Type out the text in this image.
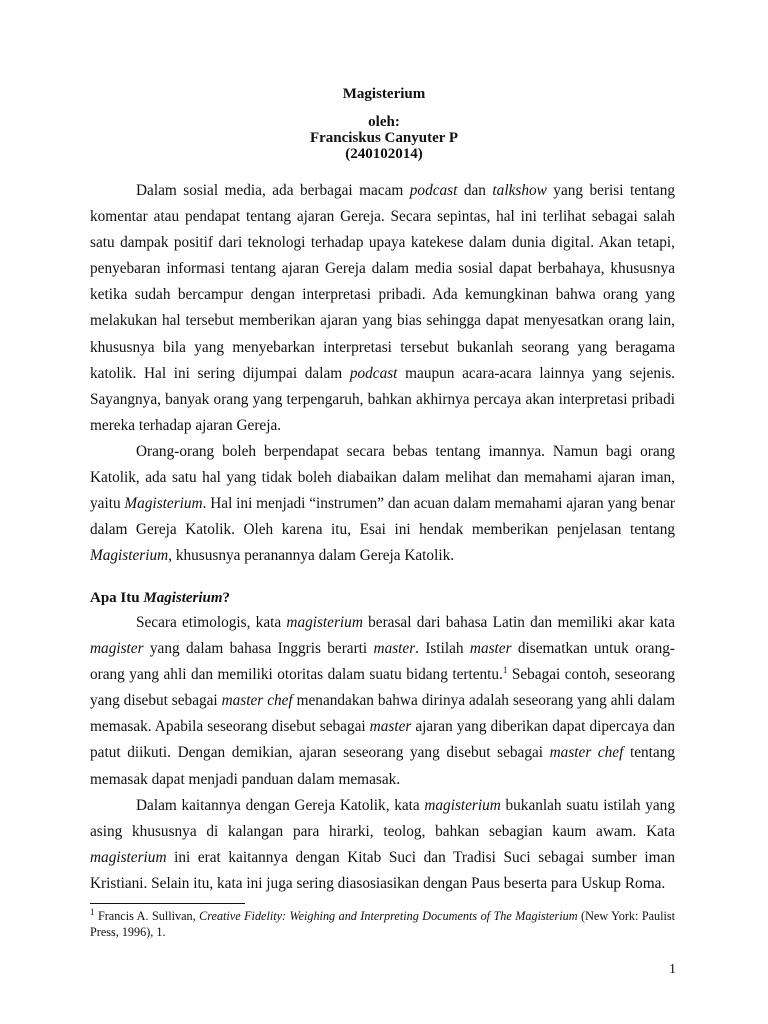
Magisterium
oleh:
Franciskus Canyuter P
(240102014)

Dalam sosial media, ada berbagai macam podcast dan talkshow yang berisi tentang komentar atau pendapat tentang ajaran Gereja. Secara sepintas, hal ini terlihat sebagai salah satu dampak positif dari teknologi terhadap upaya katekese dalam dunia digital. Akan tetapi, penyebaran informasi tentang ajaran Gereja dalam media sosial dapat berbahaya, khususnya ketika sudah bercampur dengan interpretasi pribadi. Ada kemungkinan bahwa orang yang melakukan hal tersebut memberikan ajaran yang bias sehingga dapat menyesatkan orang lain, khususnya bila yang menyebarkan interpretasi tersebut bukanlah seorang yang beragama katolik. Hal ini sering dijumpai dalam podcast maupun acara-acara lainnya yang sejenis. Sayangnya, banyak orang yang terpengaruh, bahkan akhirnya percaya akan interpretasi pribadi mereka terhadap ajaran Gereja.

Orang-orang boleh berpendapat secara bebas tentang imannya. Namun bagi orang Katolik, ada satu hal yang tidak boleh diabaikan dalam melihat dan memahami ajaran iman, yaitu Magisterium. Hal ini menjadi “instrumen” dan acuan dalam memahami ajaran yang benar dalam Gereja Katolik. Oleh karena itu, Esai ini hendak memberikan penjelasan tentang Magisterium, khususnya peranannya dalam Gereja Katolik.

Apa Itu Magisterium?

Secara etimologis, kata magisterium berasal dari bahasa Latin dan memiliki akar kata magister yang dalam bahasa Inggris berarti master. Istilah master disematkan untuk orang-orang yang ahli dan memiliki otoritas dalam suatu bidang tertentu.$^1$ Sebagai contoh, seseorang yang disebut sebagai master chef menandakan bahwa dirinya adalah seseorang yang ahli dalam memasak. Apabila seseorang disebut sebagai master ajaran yang diberikan dapat dipercaya dan patut diikuti. Dengan demikian, ajaran seseorang yang disebut sebagai master chef tentang memasak dapat menjadi panduan dalam memasak.

Dalam kaitannya dengan Gereja Katolik, kata magisterium bukanlah suatu istilah yang asing khususnya di kalangan para hirarki, teolog, bahkan sebagian kaum awam. Kata magisterium ini erat kaitannya dengan Kitab Suci dan Tradisi Suci sebagai sumber iman Kristiani. Selain itu, kata ini juga sering diasosiasikan dengan Paus beserta para Uskup Roma.

$^1$ Francis A. Sullivan, Creative Fidelity: Weighing and Interpreting Documents of The Magisterium (New York: Paulist Press, 1996), 1.
1
